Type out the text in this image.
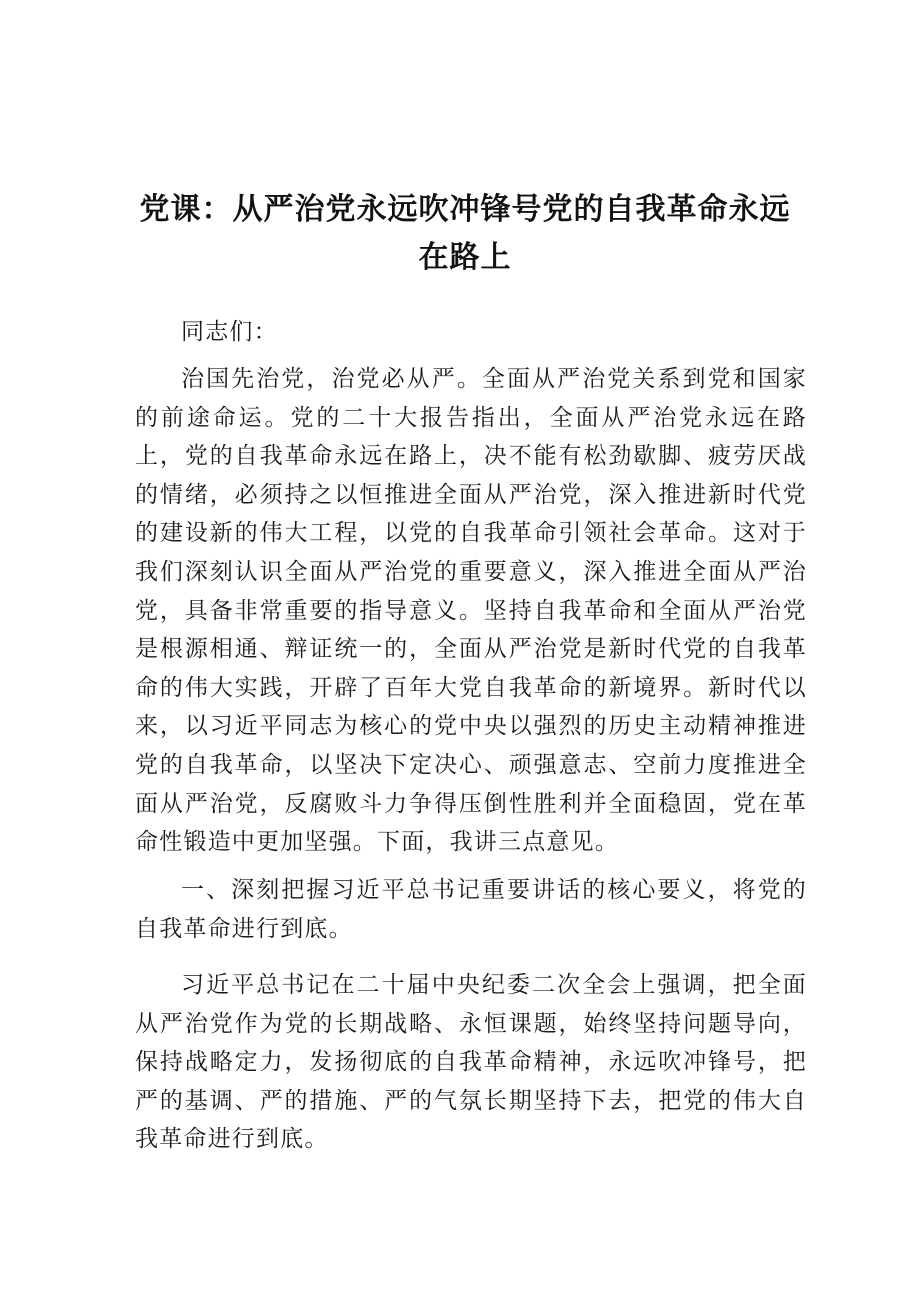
党课：从严治党永远吹冲锋号党的自我革命永远在路上

同志们：

治国先治党，治党必从严。全面从严治党关系到党和国家的前途命运。党的二十大报告指出，全面从严治党永远在路上，党的自我革命永远在路上，决不能有松劲歇脚、疲劳厌战的情绪，必须持之以恒推进全面从严治党，深入推进新时代党的建设新的伟大工程，以党的自我革命引领社会革命。这对于我们深刻认识全面从严治党的重要意义，深入推进全面从严治党，具备非常重要的指导意义。坚持自我革命和全面从严治党是根源相通、辩证统一的，全面从严治党是新时代党的自我革命的伟大实践，开辟了百年大党自我革命的新境界。新时代以来，以习近平同志为核心的党中央以强烈的历史主动精神推进党的自我革命，以坚决下定决心、顽强意志、空前力度推进全面从严治党，反腐败斗力争得压倒性胜利并全面稳固，党在革命性锻造中更加坚强。下面，我讲三点意见。

一、深刻把握习近平总书记重要讲话的核心要义，将党的自我革命进行到底。

习近平总书记在二十届中央纪委二次全会上强调，把全面从严治党作为党的长期战略、永恒课题，始终坚持问题导向，保持战略定力，发扬彻底的自我革命精神，永远吹冲锋号，把严的基调、严的措施、严的气氛长期坚持下去，把党的伟大自我革命进行到底。
